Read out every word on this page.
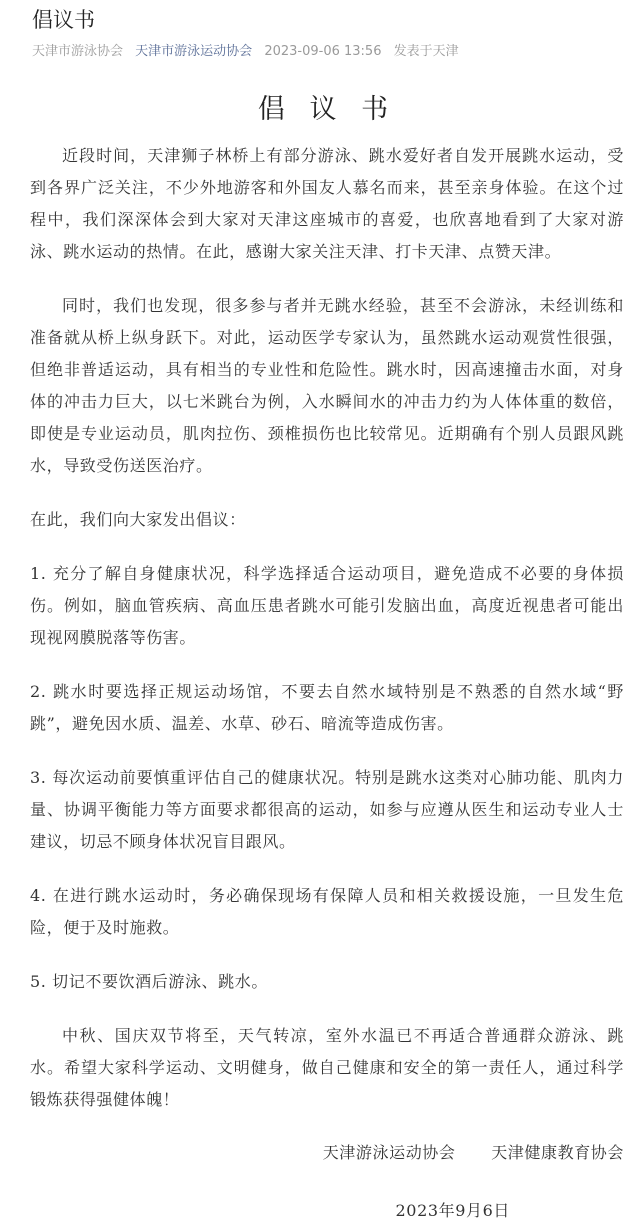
倡议书
天津市游泳协会 天津市游泳运动协会 2023-09-06 13:56 发表于天津
倡 议 书

近段时间，天津狮子林桥上有部分游泳、跳水爱好者自发开展跳水运动，受到各界广泛关注，不少外地游客和外国友人慕名而来，甚至亲身体验。在这个过程中，我们深深体会到大家对天津这座城市的喜爱，也欣喜地看到了大家对游泳、跳水运动的热情。在此，感谢大家关注天津、打卡天津、点赞天津。

同时，我们也发现，很多参与者并无跳水经验，甚至不会游泳，未经训练和准备就从桥上纵身跃下。对此，运动医学专家认为，虽然跳水运动观赏性很强，但绝非普适运动，具有相当的专业性和危险性。跳水时，因高速撞击水面，对身体的冲击力巨大，以七米跳台为例，入水瞬间水的冲击力约为人体体重的数倍，即使是专业运动员，肌肉拉伤、颈椎损伤也比较常见。近期确有个别人员跟风跳水，导致受伤送医治疗。

在此，我们向大家发出倡议：

1. 充分了解自身健康状况，科学选择适合运动项目，避免造成不必要的身体损伤。例如，脑血管疾病、高血压患者跳水可能引发脑出血，高度近视患者可能出现视网膜脱落等伤害。

2. 跳水时要选择正规运动场馆，不要去自然水域特别是不熟悉的自然水域“野跳”，避免因水质、温差、水草、砂石、暗流等造成伤害。

3. 每次运动前要慎重评估自己的健康状况。特别是跳水这类对心肺功能、肌肉力量、协调平衡能力等方面要求都很高的运动，如参与应遵从医生和运动专业人士建议，切忌不顾身体状况盲目跟风。

4. 在进行跳水运动时，务必确保现场有保障人员和相关救援设施，一旦发生危险，便于及时施救。

5. 切记不要饮酒后游泳、跳水。

中秋、国庆双节将至，天气转凉，室外水温已不再适合普通群众游泳、跳水。希望大家科学运动、文明健身，做自己健康和安全的第一责任人，通过科学锻炼获得强健体魄！

天津游泳运动协会 天津健康教育协会
2023年9月6日
